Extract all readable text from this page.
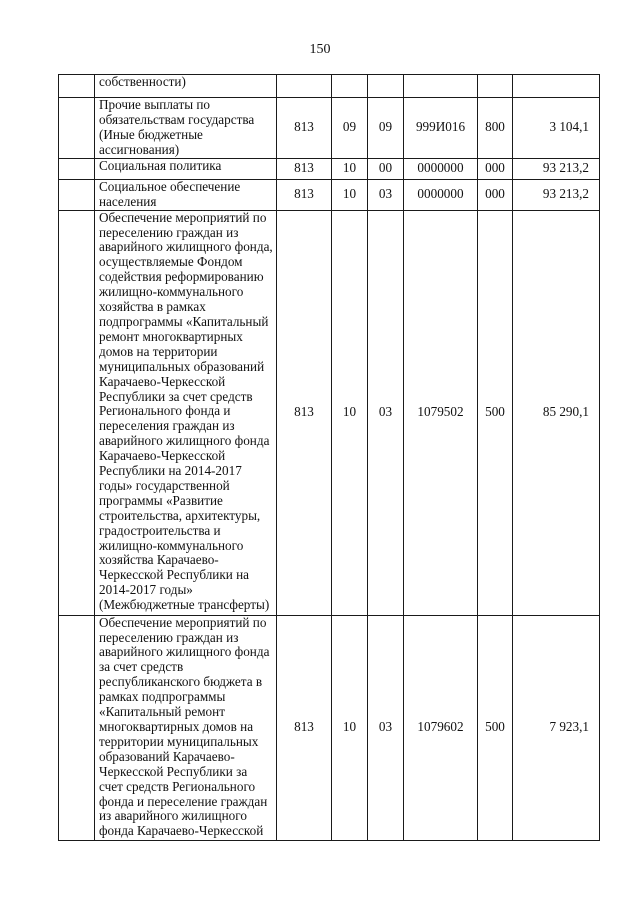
150

	собственности)						

	Прочие выплаты по обязательствам государства (Иные бюджетные ассигнования)	813	09	09	999И016	800	3 104,1

	Социальная политика	813	10	00	0000000	000	93 213,2

	Социальное обеспечение населения	813	10	03	0000000	000	93 213,2

	Обеспечение мероприятий по переселению граждан из аварийного жилищного фонда, осуществляемые Фондом содействия реформированию жилищно-коммунального хозяйства в рамках подпрограммы «Капитальный ремонт многоквартирных домов на территории муниципальных образований Карачаево-Черкесской Республики за счет средств Регионального фонда и переселения граждан из аварийного жилищного фонда Карачаево-Черкесской Республики на 2014-2017 годы» государственной программы «Развитие строительства, архитектуры, градостроительства и жилищно-коммунального хозяйства Карачаево-Черкесской Республики на 2014-2017 годы» (Межбюджетные трансферты)	813	10	03	1079502	500	85 290,1

	Обеспечение мероприятий по переселению граждан из аварийного жилищного фонда за счет средств республиканского бюджета в рамках подпрограммы «Капитальный ремонт многоквартирных домов на территории муниципальных образований Карачаево-Черкесской Республики за счет средств Регионального фонда и переселение граждан из аварийного жилищного фонда Карачаево-Черкесской	813	10	03	1079602	500	7 923,1
